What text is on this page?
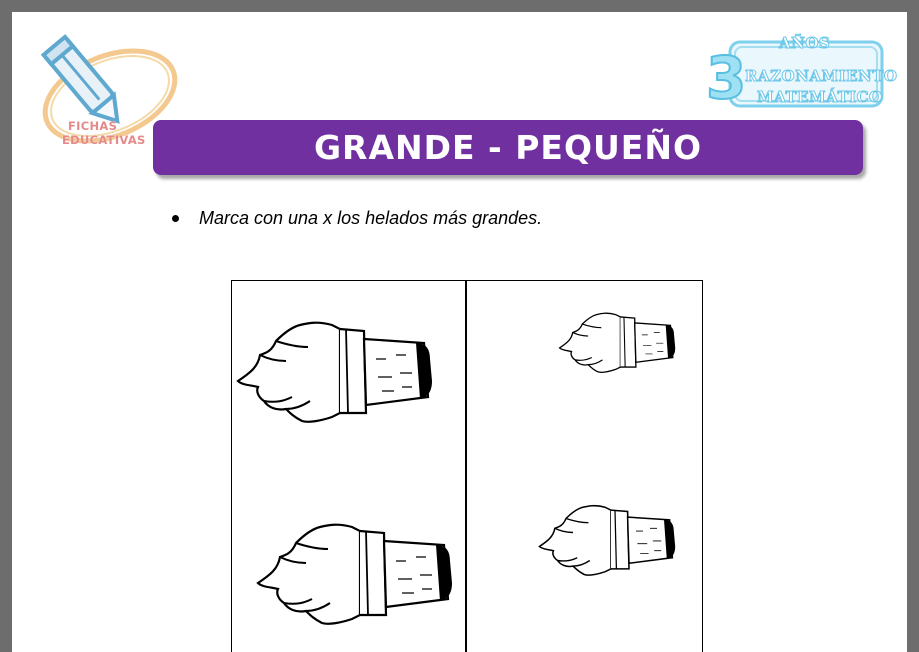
FICHAS
EDUCATIVAS
3
AÑOS
RAZONAMIENTO
MATEMÁTICO
GRANDE - PEQUEÑO
Marca con una x los helados más grandes.
